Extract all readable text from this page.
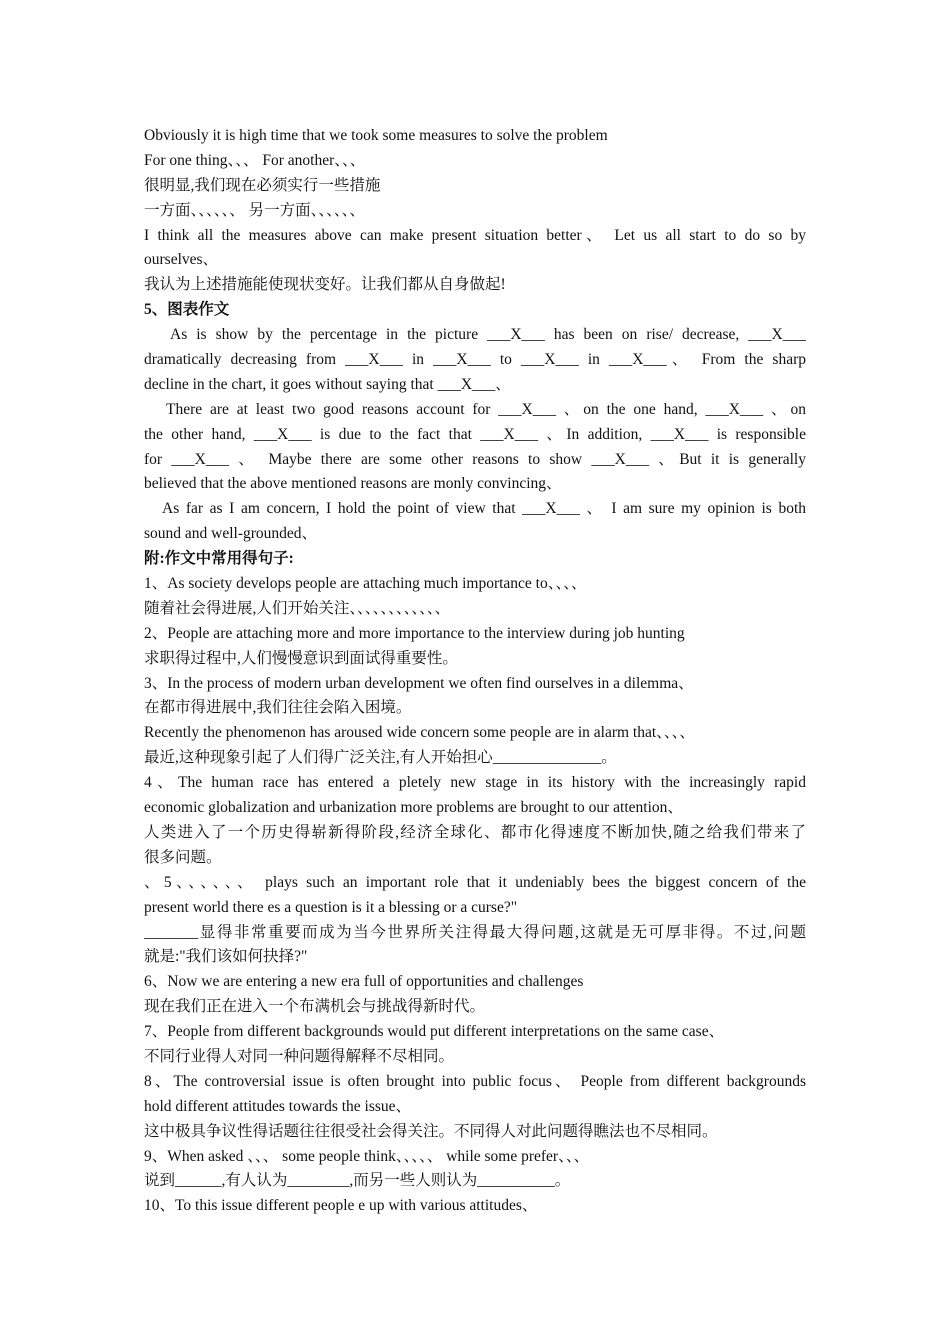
Obviously it is high time that we took some measures to solve the problem
For one thing、、、 For another、、、
很明显,我们现在必须实行一些措施
一方面、、、、、、 另一方面、、、、、、
I think all the measures above can make present situation better、 Let us all start to do so by
ourselves、
我认为上述措施能使现状变好。让我们都从自身做起!
5、图表作文
As is show by the percentage in the picture ___X___ has been on rise/ decrease, ___X___
dramatically decreasing from ___X___ in ___X___ to ___X___ in ___X___、 From the sharp
decline in the chart, it goes without saying that ___X___、
There are at least two good reasons account for ___X___ 、on the one hand, ___X___ 、on
the other hand, ___X___ is due to the fact that ___X___ 、In addition, ___X___ is responsible
for ___X___ 、 Maybe there are some other reasons to show ___X___ 、But it is generally
believed that the above mentioned reasons are monly convincing、
As far as I am concern, I hold the point of view that ___X___ 、 I am sure my opinion is both
sound and well-grounded、
附:作文中常用得句子:
1、As society develops people are attaching much importance to、、、、
随着社会得进展,人们开始关注、、、、、、、、、、、、
2、People are attaching more and more importance to the interview during job hunting
求职得过程中,人们慢慢意识到面试得重要性。
3、In the process of modern urban development we often find ourselves in a dilemma、
在都市得进展中,我们往往会陷入困境。
Recently the phenomenon has aroused wide concern some people are in alarm that、、、、
最近,这种现象引起了人们得广泛关注,有人开始担心______________。
4、The human race has entered a pletely new stage in its history with the increasingly rapid
economic globalization and urbanization more problems are brought to our attention、
人类进入了一个历史得崭新得阶段,经济全球化、都市化得速度不断加快,随之给我们带来了
很多问题。
、5、、、、、、 plays such an important role that it undeniably bees the biggest concern of the
present world there es a question is it a blessing or a curse?"
_______显得非常重要而成为当今世界所关注得最大得问题,这就是无可厚非得。不过,问题
就是:"我们该如何抉择?"
6、Now we are entering a new era full of opportunities and challenges
现在我们正在进入一个布满机会与挑战得新时代。
7、People from different backgrounds would put different interpretations on the same case、
不同行业得人对同一种问题得解释不尽相同。
8、The controversial issue is often brought into public focus、 People from different backgrounds
hold different attitudes towards the issue、
这中极具争议性得话题往往很受社会得关注。不同得人对此问题得瞧法也不尽相同。
9、When asked 、、、 some people think、、、、、 while some prefer、、、
说到______,有人认为________,而另一些人则认为__________。
10、To this issue different people e up with various attitudes、
